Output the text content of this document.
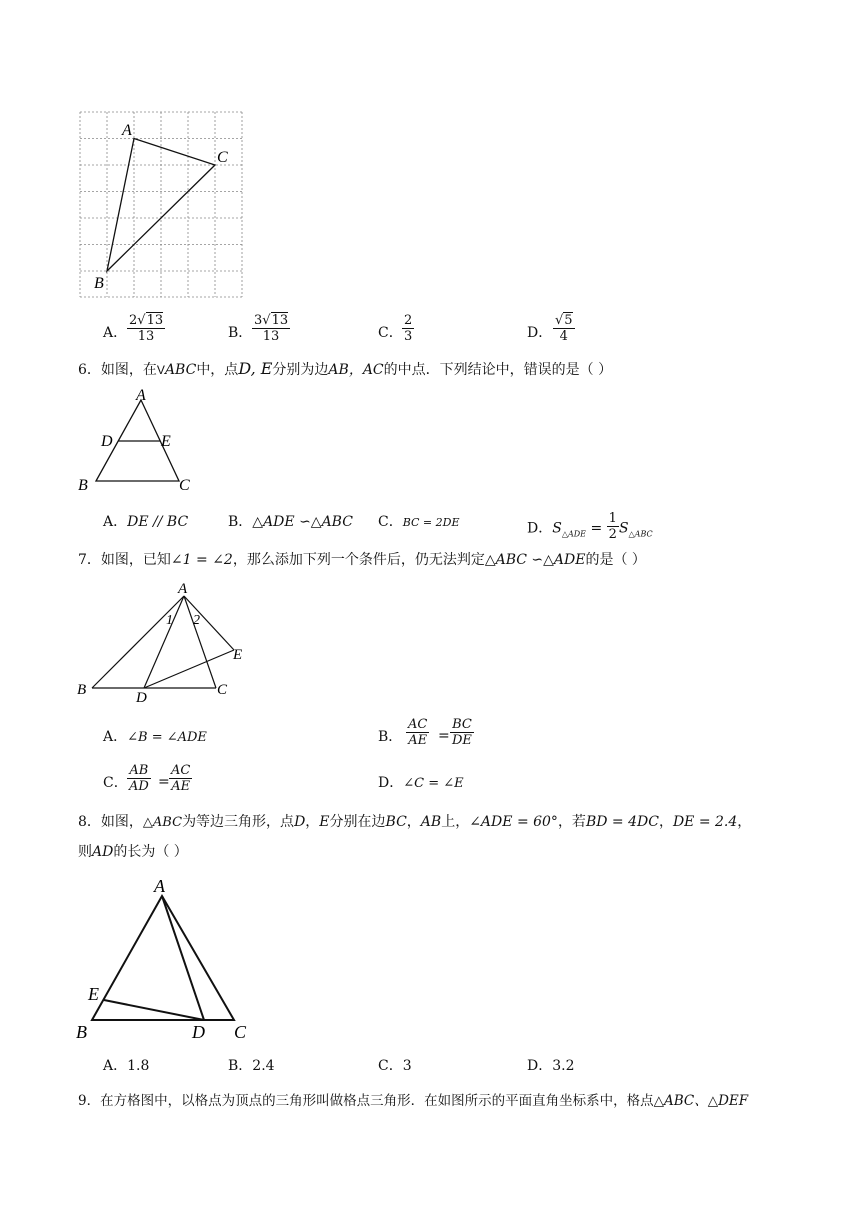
A
C
B
A． $\frac{2√13}{13}$	B． $\frac{3√13}{13}$	C． $\frac{2}{3}$	D． $\frac{√5}{4}$
6．如图，在VABC中，点D, E分别为边AB，AC的中点．下列结论中，错误的是（ ）
A
D	E
B	C
A．DE // BC	B．△ADE ∽△ABC C．BC = 2DE	D．$S_{\triangle ADE} = \frac{1}{2} S_{\triangle ABC}$
7．如图，已知∠1 = ∠2，那么添加下列一个条件后，仍无法判定△ABC ∽△ADE的是（ ）
A
1 2
E
B	D	C
A．∠B = ∠ADE	B． $\frac{AC}{AE} = \frac{BC}{DE}$
C． $\frac{AB}{AD} = \frac{AC}{AE}$	D．∠C = ∠E
8．如图，△ABC为等边三角形，点D，E分别在边BC，AB上，∠ADE = 60°，若BD = 4DC，DE = 2.4，
则AD的长为（ ）
A
E
B	D C
A．1.8	B．2.4	C．3	D．3.2
9．在方格图中，以格点为顶点的三角形叫做格点三角形．在如图所示的平面直角坐标系中，格点△ABC、△DEF
